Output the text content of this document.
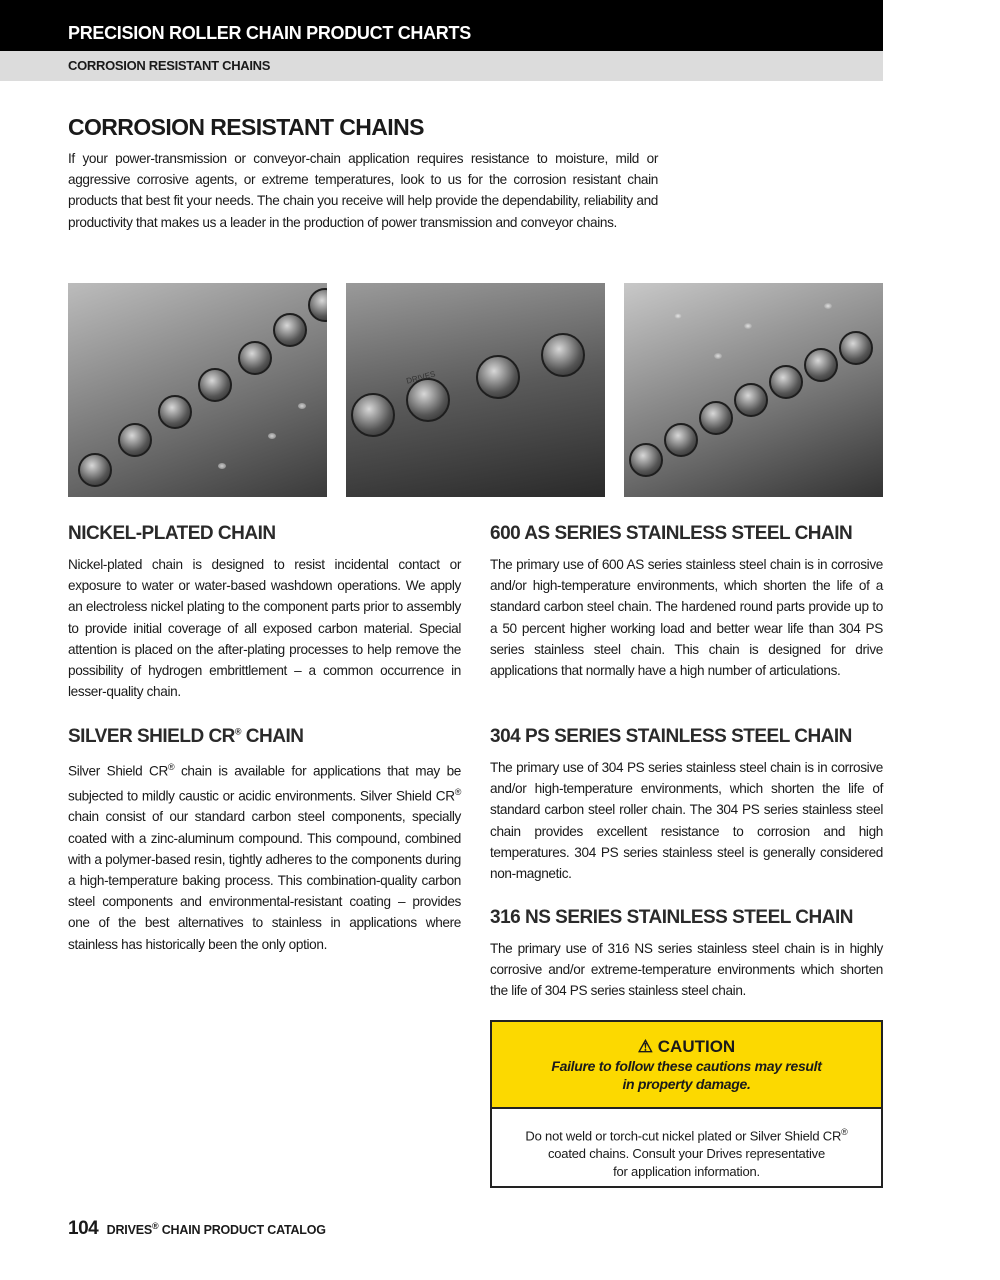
PRECISION ROLLER CHAIN PRODUCT CHARTS
CORROSION RESISTANT CHAINS
CORROSION RESISTANT CHAINS

If your power-transmission or conveyor-chain application requires resistance to moisture, mild or aggressive corrosive agents, or extreme temperatures, look to us for the corrosion resistant chain products that best fit your needs. The chain you receive will help provide the dependability, reliability and productivity that makes us a leader in the production of power transmission and conveyor chains.

DRIVES
NICKEL-PLATED CHAIN

Nickel-plated chain is designed to resist incidental contact or exposure to water or water-based washdown operations. We apply an electroless nickel plating to the component parts prior to assembly to provide initial coverage of all exposed carbon material. Special attention is placed on the after-plating processes to help remove the possibility of hydrogen embrittlement – a common occurrence in lesser-quality chain.

SILVER SHIELD CR® CHAIN

Silver Shield CR® chain is available for applications that may be subjected to mildly caustic or acidic environments. Silver Shield CR® chain consist of our standard carbon steel components, specially coated with a zinc-aluminum compound. This compound, combined with a polymer-based resin, tightly adheres to the components during a high-temperature baking process. This combination-quality carbon steel components and environmental-resistant coating – provides one of the best alternatives to stainless in applications where stainless has historically been the only option.

600 AS SERIES STAINLESS STEEL CHAIN

The primary use of 600 AS series stainless steel chain is in corrosive and/or high-temperature environments, which shorten the life of a standard carbon steel chain. The hardened round parts provide up to a 50 percent higher working load and better wear life than 304 PS series stainless steel chain. This chain is designed for drive applications that normally have a high number of articulations.

304 PS SERIES STAINLESS STEEL CHAIN

The primary use of 304 PS series stainless steel chain is in corrosive and/or high-temperature environments, which shorten the life of standard carbon steel roller chain. The 304 PS series stainless steel chain provides excellent resistance to corrosion and high temperatures. 304 PS series stainless steel is generally considered non-magnetic.

316 NS SERIES STAINLESS STEEL CHAIN

The primary use of 316 NS series stainless steel chain is in highly corrosive and/or extreme-temperature environments which shorten the life of 304 PS series stainless steel chain.

⚠ CAUTION
Failure to follow these cautions may result
in property damage.
Do not weld or torch-cut nickel plated or Silver Shield CR®
coated chains. Consult your Drives representative
for application information.
104 DRIVES® CHAIN PRODUCT CATALOG
